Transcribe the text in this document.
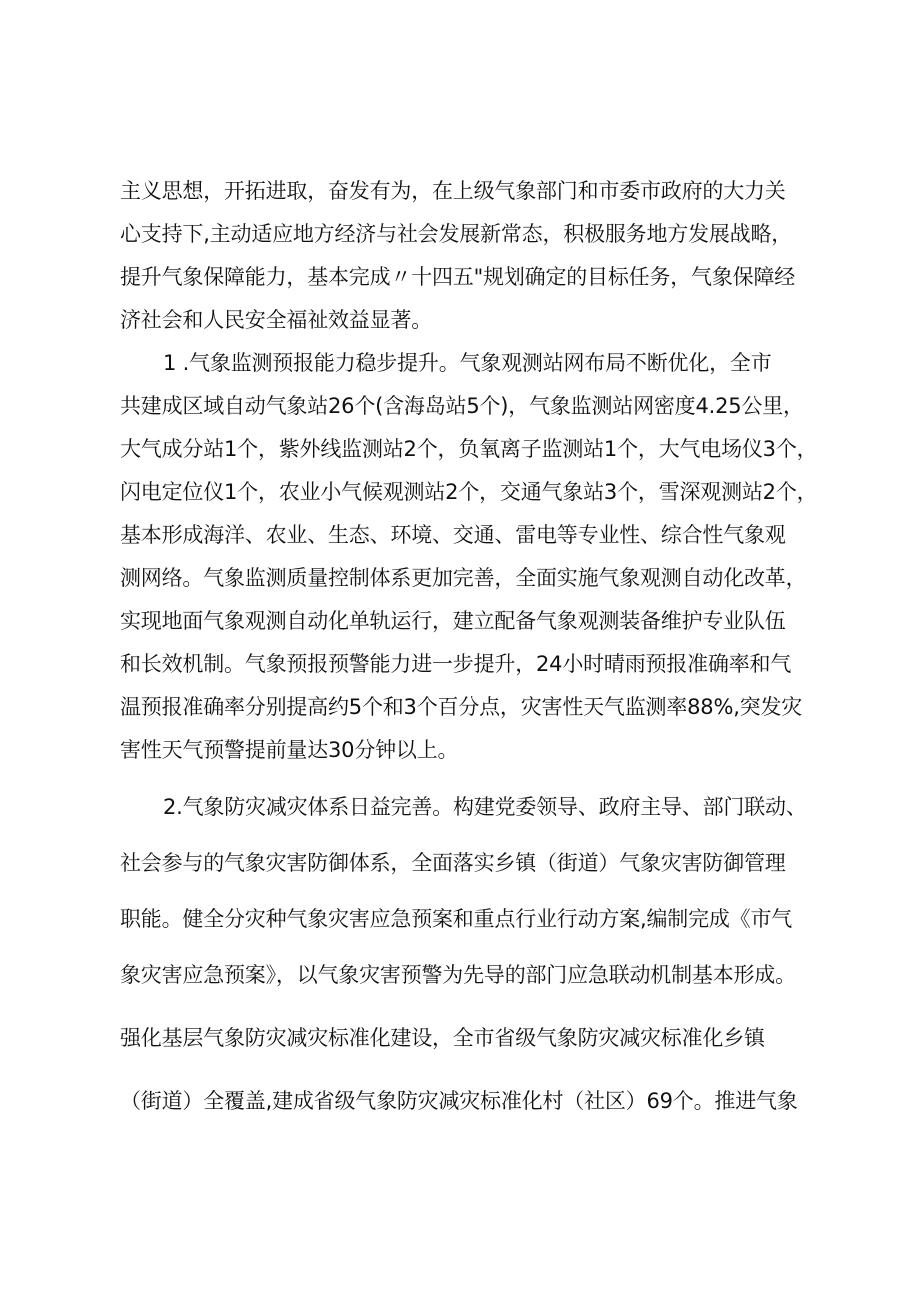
主义思想，开拓进取，奋发有为，在上级气象部门和市委市政府的大力关
心支持下,主动适应地方经济与社会发展新常态，积极服务地方发展战略，
提升气象保障能力，基本完成〃十四五"规划确定的目标任务，气象保障经
济社会和人民安全福祉效益显著。
1 .气象监测预报能力稳步提升。气象观测站网布局不断优化，全市
共建成区域自动气象站26个(含海岛站5个)，气象监测站网密度4.25公里，
大气成分站1个，紫外线监测站2个，负氧离子监测站1个，大气电场仪3个，
闪电定位仪1个，农业小气候观测站2个，交通气象站3个，雪深观测站2个，
基本形成海洋、农业、生态、环境、交通、雷电等专业性、综合性气象观
测网络。气象监测质量控制体系更加完善，全面实施气象观测自动化改革，
实现地面气象观测自动化单轨运行，建立配备气象观测装备维护专业队伍
和长效机制。气象预报预警能力进一步提升，24小时晴雨预报准确率和气
温预报准确率分别提高约5个和3个百分点，灾害性天气监测率88%,突发灾
害性天气预警提前量达30分钟以上。
2.气象防灾减灾体系日益完善。构建党委领导、政府主导、部门联动、
社会参与的气象灾害防御体系，全面落实乡镇（街道）气象灾害防御管理
职能。健全分灾种气象灾害应急预案和重点行业行动方案,编制完成《市气
象灾害应急预案》，以气象灾害预警为先导的部门应急联动机制基本形成。
强化基层气象防灾减灾标准化建设，全市省级气象防灾减灾标准化乡镇
（街道）全覆盖,建成省级气象防灾减灾标准化村（社区）69个。推进气象
